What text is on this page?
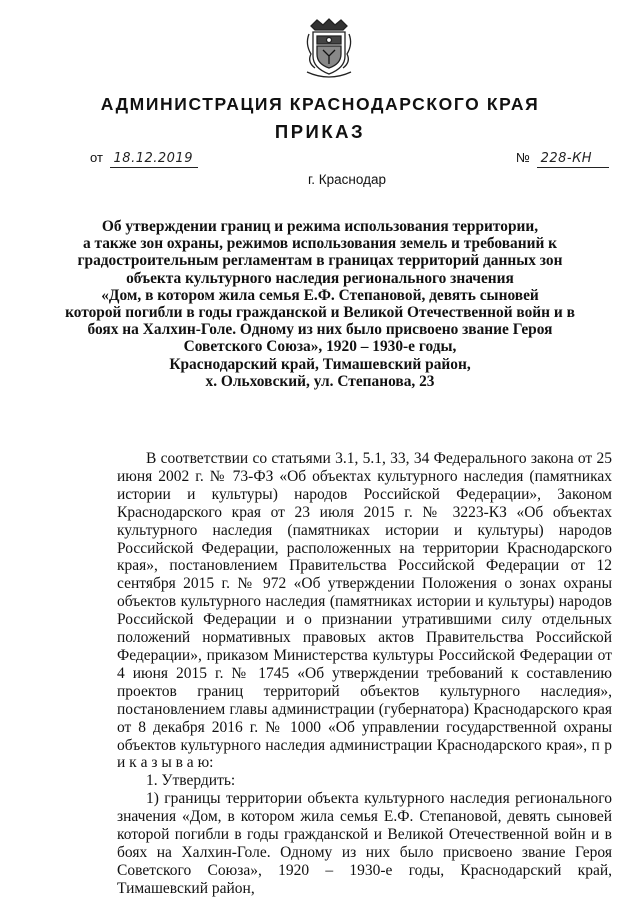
АДМИНИСТРАЦИЯ КРАСНОДАРСКОГО КРАЯ
ПРИКАЗ
от 18.12.2019	№ 228-КН
г. Краснодар
Об утверждении границ и режима использования территории,
а также зон охраны, режимов использования земель и требований к
градостроительным регламентам в границах территорий данных зон
объекта культурного наследия регионального значения
«Дом, в котором жила семья Е.Ф. Степановой, девять сыновей
которой погибли в годы гражданской и Великой Отечественной войн и в
боях на Халхин-Голе. Одному из них было присвоено звание Героя
Советского Союза», 1920 – 1930-е годы,
Краснодарский край, Тимашевский район,
х. Ольховский, ул. Степанова, 23

В соответствии со статьями 3.1, 5.1, 33, 34 Федерального закона от 25 июня 2002 г. № 73-ФЗ «Об объектах культурного наследия (памятниках истории и культуры) народов Российской Федерации», Законом Краснодарского края от 23 июля 2015 г. № 3223-КЗ «Об объектах культурного наследия (памятниках истории и культуры) народов Российской Федерации, расположенных на территории Краснодарского края», постановлением Правительства Российской Федерации от 12 сентября 2015 г. № 972 «Об утверждении Положения о зонах охраны объектов культурного наследия (памятниках истории и культуры) народов Российской Федерации и о признании утратившими силу отдельных положений нормативных правовых актов Правительства Российской Федерации», приказом Министерства культуры Российской Федерации от 4 июня 2015 г. № 1745 «Об утверждении требований к составлению проектов границ территорий объектов культурного наследия», постановлением главы администрации (губернатора) Краснодарского края от 8 декабря 2016 г. № 1000 «Об управлении государственной охраны объектов культурного наследия администрации Краснодарского края», п р и к а з ы в а ю:

1. Утвердить:

1) границы территории объекта культурного наследия регионального значения «Дом, в котором жила семья Е.Ф. Степановой, девять сыновей которой погибли в годы гражданской и Великой Отечественной войн и в боях на Халхин-Голе. Одному из них было присвоено звание Героя Советского Союза», 1920 – 1930-е годы, Краснодарский край, Тимашевский район,
